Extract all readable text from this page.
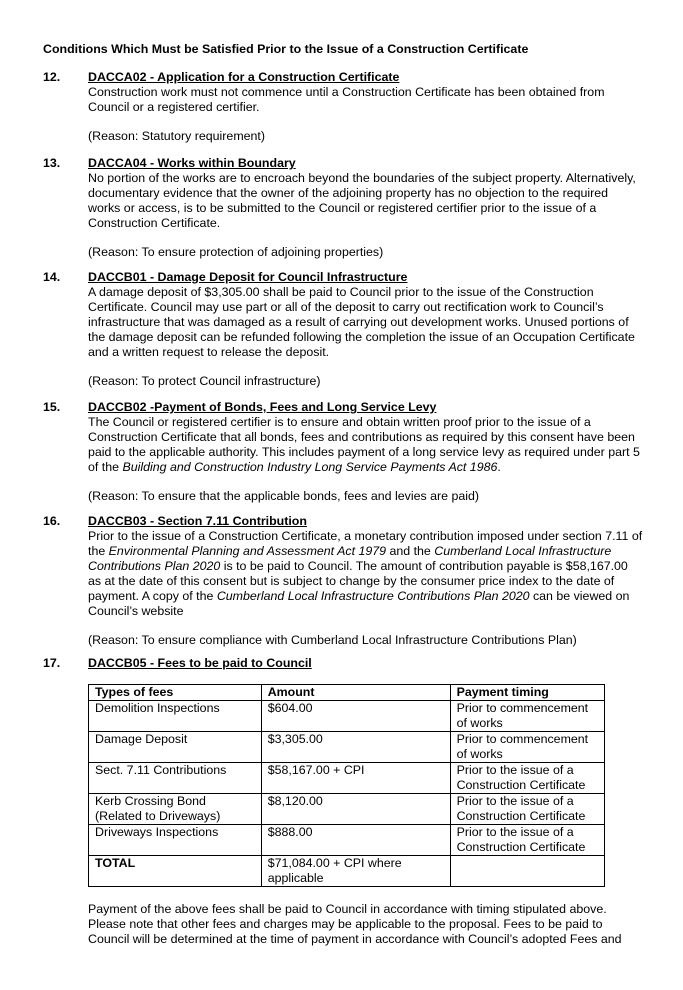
Conditions Which Must be Satisfied Prior to the Issue of a Construction Certificate
12. DACCA02 - Application for a Construction Certificate

Construction work must not commence until a Construction Certificate has been obtained from Council or a registered certifier.

(Reason: Statutory requirement)

13. DACCA04 - Works within Boundary

No portion of the works are to encroach beyond the boundaries of the subject property. Alternatively, documentary evidence that the owner of the adjoining property has no objection to the required works or access, is to be submitted to the Council or registered certifier prior to the issue of a Construction Certificate.

(Reason: To ensure protection of adjoining properties)

14. DACCB01 - Damage Deposit for Council Infrastructure

A damage deposit of $3,305.00 shall be paid to Council prior to the issue of the Construction Certificate. Council may use part or all of the deposit to carry out rectification work to Council’s infrastructure that was damaged as a result of carrying out development works. Unused portions of the damage deposit can be refunded following the completion the issue of an Occupation Certificate and a written request to release the deposit.

(Reason: To protect Council infrastructure)

15. DACCB02 -Payment of Bonds, Fees and Long Service Levy

The Council or registered certifier is to ensure and obtain written proof prior to the issue of a Construction Certificate that all bonds, fees and contributions as required by this consent have been paid to the applicable authority. This includes payment of a long service levy as required under part 5 of the Building and Construction Industry Long Service Payments Act 1986.

(Reason: To ensure that the applicable bonds, fees and levies are paid)

16. DACCB03 - Section 7.11 Contribution

Prior to the issue of a Construction Certificate, a monetary contribution imposed under section 7.11 of the Environmental Planning and Assessment Act 1979 and the Cumberland Local Infrastructure Contributions Plan 2020 is to be paid to Council. The amount of contribution payable is $58,167.00 as at the date of this consent but is subject to change by the consumer price index to the date of payment. A copy of the Cumberland Local Infrastructure Contributions Plan 2020 can be viewed on Council’s website

(Reason: To ensure compliance with Cumberland Local Infrastructure Contributions Plan)

17. DACCB05 - Fees to be paid to Council
Types of fees	Amount	Payment timing
Demolition Inspections	$604.00	Prior to commencement of works
Damage Deposit	$3,305.00	Prior to commencement of works
Sect. 7.11 Contributions	$58,167.00 + CPI	Prior to the issue of a Construction Certificate
Kerb Crossing Bond (Related to Driveways)	$8,120.00	Prior to the issue of a Construction Certificate
Driveways Inspections	$888.00	Prior to the issue of a Construction Certificate
TOTAL	$71,084.00 + CPI where applicable	

Payment of the above fees shall be paid to Council in accordance with timing stipulated above. Please note that other fees and charges may be applicable to the proposal. Fees to be paid to Council will be determined at the time of payment in accordance with Council’s adopted Fees and
